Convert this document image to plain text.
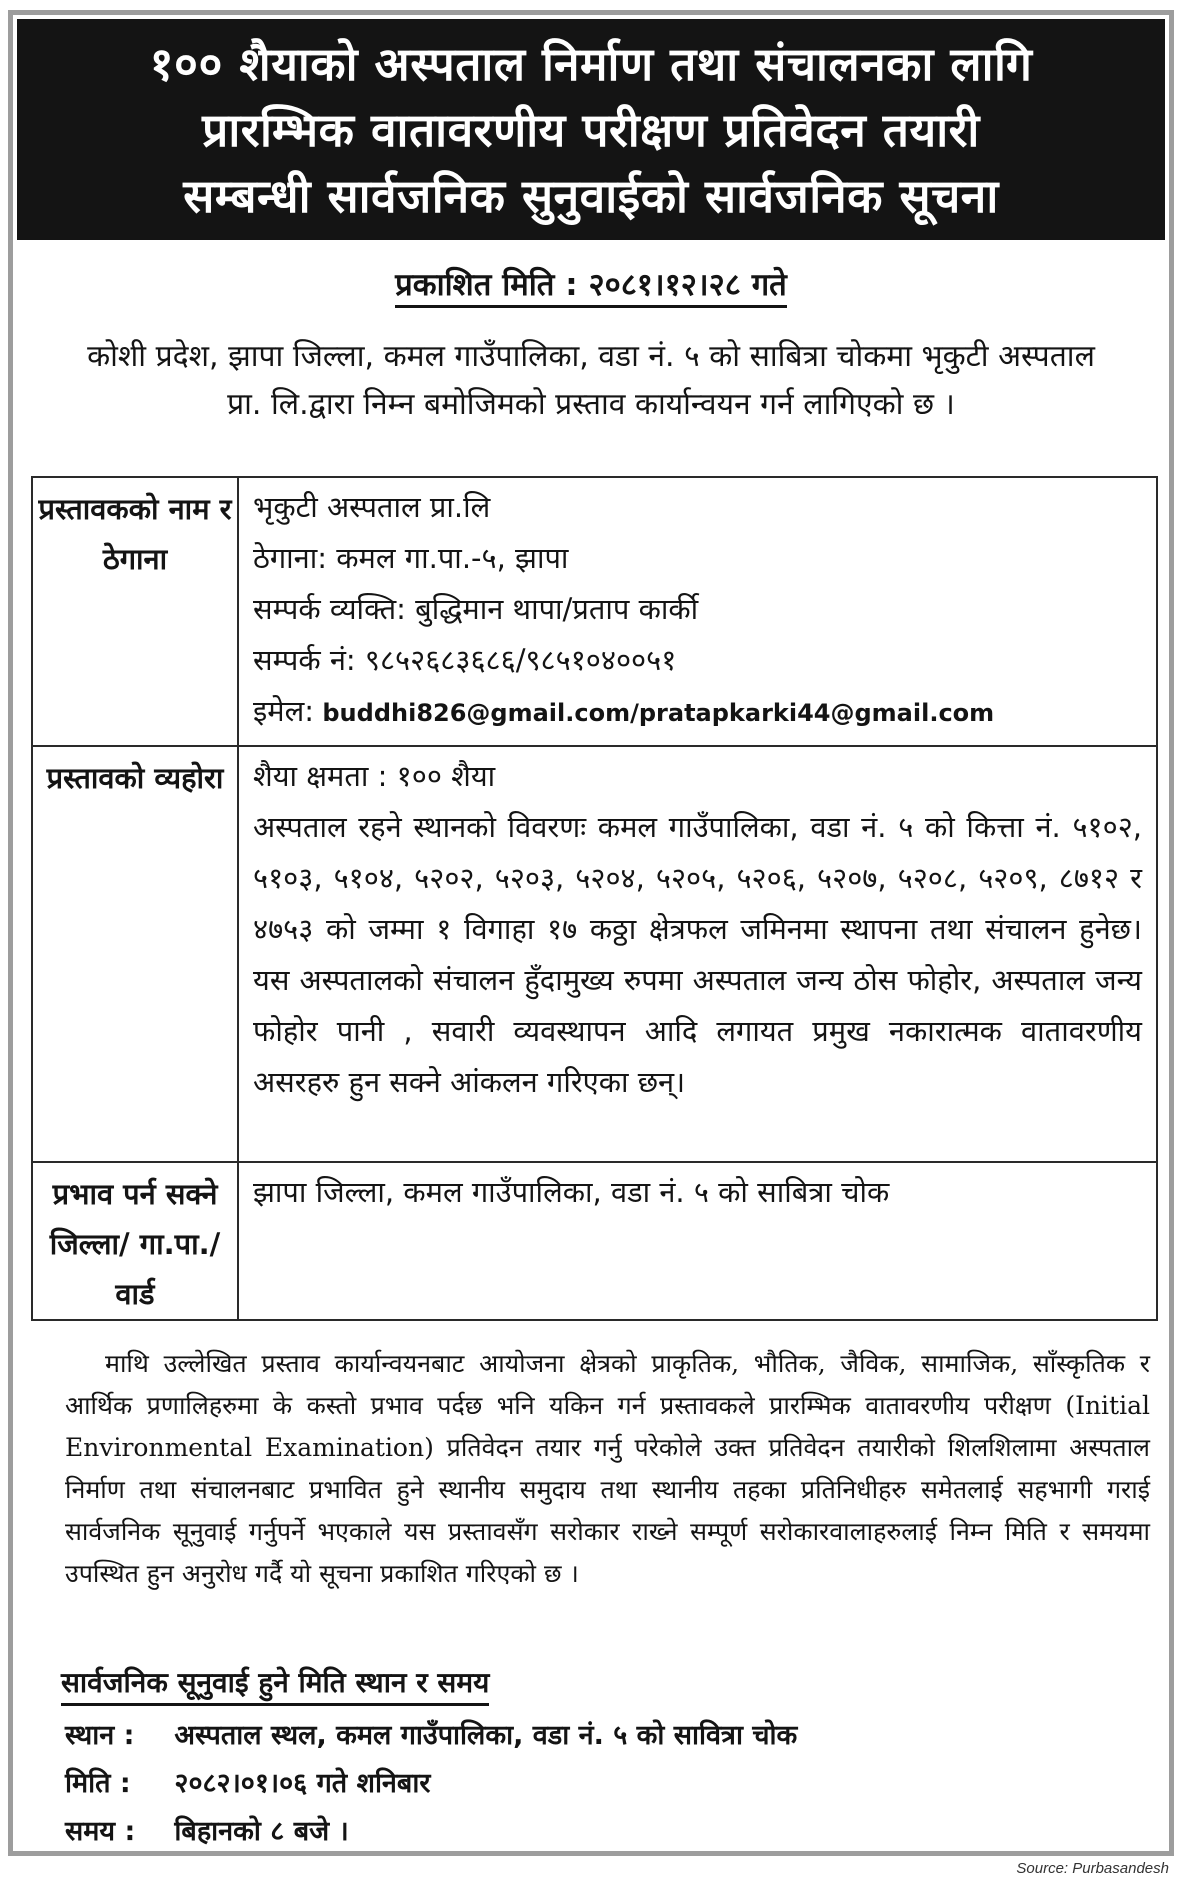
१०० शैयाको अस्पताल निर्माण तथा संचालनका लागि
प्रारम्भिक वातावरणीय परीक्षण प्रतिवेदन तयारी
सम्बन्धी सार्वजनिक सुनुवाईको सार्वजनिक सूचना
प्रकाशित मिति : २०८१।१२।२८ गते
कोशी प्रदेश, झापा जिल्ला, कमल गाउँपालिका, वडा नं. ५ को साबित्रा चोकमा भृकुटी अस्पताल प्रा. लि.द्वारा निम्न बमोजिमको प्रस्ताव कार्यान्वयन गर्न लागिएको छ ।
प्रस्तावकको नाम र ठेगाना	भृकुटी अस्पताल प्रा.लि
ठेगाना: कमल गा.पा.-५, झापा
सम्पर्क व्यक्ति: बुद्धिमान थापा/प्रताप कार्की
सम्पर्क नं: ९८५२६८३६८६/९८५१०४००५१
इमेल: buddhi826@gmail.com/pratapkarki44@gmail.com

प्रस्तावको व्यहोरा	शैया क्षमता : १०० शैया
अस्पताल रहने स्थानको विवरणः कमल गाउँपालिका, वडा नं. ५ को कित्ता नं. ५१०२, ५१०३, ५१०४, ५२०२, ५२०३, ५२०४, ५२०५, ५२०६, ५२०७, ५२०८, ५२०९, ८७१२ र ४७५३ को जम्मा १ विगाहा १७ कठ्ठा क्षेत्रफल जमिनमा स्थापना तथा संचालन हुनेछ। यस अस्पतालको संचालन हुँदामुख्य रुपमा अस्पताल जन्य ठोस फोहोर, अस्पताल जन्य फोहोर पानी , सवारी व्यवस्थापन आदि लगायत प्रमुख नकारात्मक वातावरणीय असरहरु हुन सक्ने आंकलन गरिएका छन्।

प्रभाव पर्न सक्ने जिल्ला/ गा.पा./वार्ड	झापा जिल्ला, कमल गाउँपालिका, वडा नं. ५ को साबित्रा चोक
माथि उल्लेखित प्रस्ताव कार्यान्वयनबाट आयोजना क्षेत्रको प्राकृतिक, भौतिक, जैविक, सामाजिक, साँस्कृतिक र आर्थिक प्रणालिहरुमा के कस्तो प्रभाव पर्दछ भनि यकिन गर्न प्रस्तावकले प्रारम्भिक वातावरणीय परीक्षण (Initial Environmental Examination) प्रतिवेदन तयार गर्नु परेकोले उक्त प्रतिवेदन तयारीको शिलशिलामा अस्पताल निर्माण तथा संचालनबाट प्रभावित हुने स्थानीय समुदाय तथा स्थानीय तहका प्रतिनिधीहरु समेतलाई सहभागी गराई सार्वजनिक सूनुवाई गर्नुपर्ने भएकाले यस प्रस्तावसँग सरोकार राख्ने सम्पूर्ण सरोकारवालाहरुलाई निम्न मिति र समयमा उपस्थित हुन अनुरोध गर्दै यो सूचना प्रकाशित गरिएको छ ।
सार्वजनिक सूनुवाई हुने मिति स्थान र समय
स्थान : अस्पताल स्थल, कमल गाउँपालिका, वडा नं. ५ को सावित्रा चोक
मिति : २०८२।०१।०६ गते शनिबार
समय : बिहानको ८ बजे ।
Source: Purbasandesh
